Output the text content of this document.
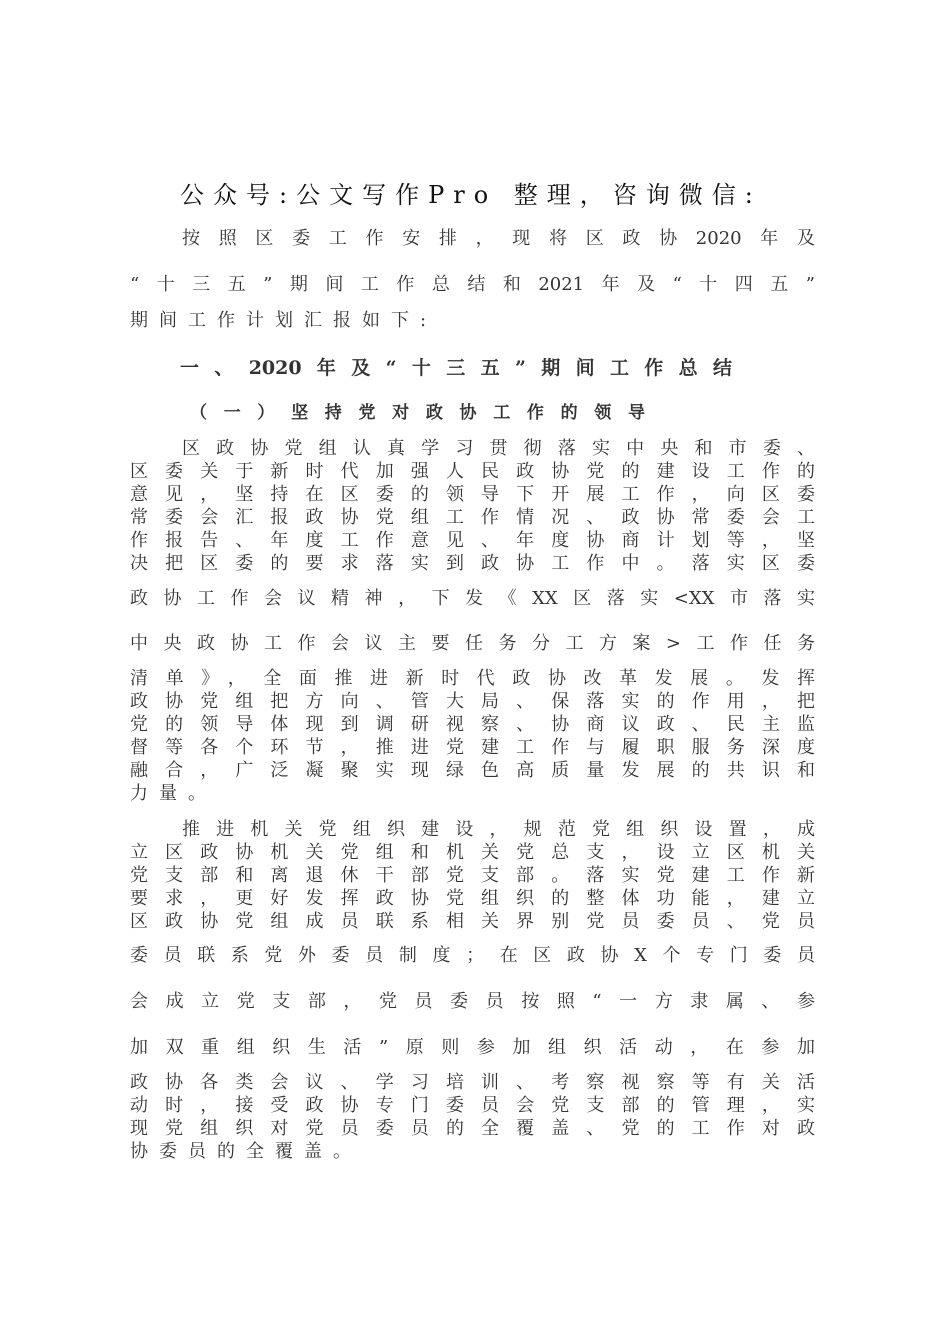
公众号:公文写作Pro 整理，咨询微信:
按照区委工作安排，现将区政协2020年及
“十三五”期间工作总结和2021年及“十四五”
期间工作计划汇报如下:
一、2020年及“十三五”期间工作总结
（一）坚持党对政协工作的领导
区政协党组认真学习贯彻落实中央和市委、
区委关于新时代加强人民政协党的建设工作的
意见，坚持在区委的领导下开展工作，向区委
常委会汇报政协党组工作情况、政协常委会工
作报告、年度工作意见、年度协商计划等，坚
决把区委的要求落实到政协工作中。落实区委
政协工作会议精神，下发《XX区落实<XX市落实
中央政协工作会议主要任务分工方案>工作任务
清单》，全面推进新时代政协改革发展。发挥
政协党组把方向、管大局、保落实的作用，把
党的领导体现到调研视察、协商议政、民主监
督等各个环节，推进党建工作与履职服务深度
融合，广泛凝聚实现绿色高质量发展的共识和
力量。
推进机关党组织建设，规范党组织设置，成
立区政协机关党组和机关党总支，设立区机关
党支部和离退休干部党支部。落实党建工作新
要求，更好发挥政协党组织的整体功能，建立
区政协党组成员联系相关界别党员委员、党员
委员联系党外委员制度；在区政协X个专门委员
会成立党支部，党员委员按照“一方隶属、参
加双重组织生活”原则参加组织活动，在参加
政协各类会议、学习培训、考察视察等有关活
动时，接受政协专门委员会党支部的管理，实
现党组织对党员委员的全覆盖、党的工作对政
协委员的全覆盖。
